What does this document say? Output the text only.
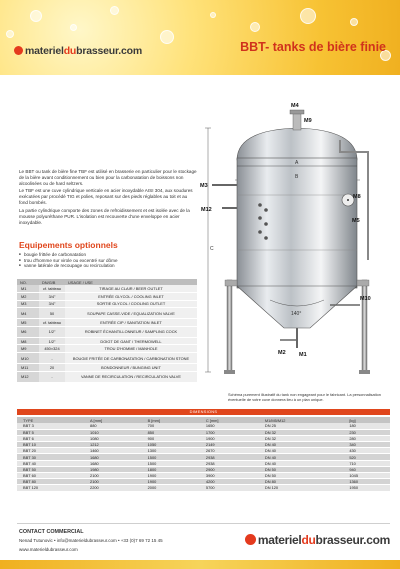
materieldubrasseur.com	BBT- tanks de bière finie

Le BBT ou tank de bière fine TBF est utilisé en brasserie en particulier pour le stockage de la bière avant conditionnement ou bien pour la carbonatation de boissons non alcoolisées ou de hard seltzers.

Le TBF est une cuve cylindrique verticale en acier inoxydable AISI 304, aux soudures exécutées par procédé TIG et polies, reposant sur des pieds réglables au toit et au fond bombés.

La partie cylindrique comporte des zones de refroidissement et est isolée avec de la mousse polyuréthane PUR. L'isolation est recouverte d'une enveloppe en acier inoxydable.

Equipements optionnels
■ bougie frittée de carbonatation
■ trou d'homme sur virole ou excentré sur dôme
■ vanne latérale de recoupage ou recirculation
NO.	DN/G/B	USAGE / USE
M1	cf. tableau	TIRAGE AU CLAIR / BEER OUTLET
M2	3/4"	ENTRÉE GLYCOL / COOLING INLET
M3	3/4"	SORTIE GLYCOL / COOLING OUTLET
M4	50	SOUPAPE CASSE-VIDE / EQUALIZATION VALVE
M5	cf. tableau	ENTRÉE CIP / SANITATION INLET
M6	1/2"	ROBINET ÉCHANTILLONNEUR / SAMPLING COCK
M8	1/2"	DOIGT DE GANT / THERMOWELL
M9	450×324	TROU D'HOMME / MANHOLE
M10	-	BOUGIE FRITÉE DE CARBONATATION / CARBONATION STONE
M11	20	BONDONNEUR / BUNGING UNIT
M12	-	VANNE DE RECIRCULATION / RECIRCULATION VALVE
M4
M9
M3
M12
M8
M5
M10
M2 M1
A
B
C
140°
Schéma purement illustratif du tank non engageant pour le fabricant. La personnalisation éventuelle de votre cuve donnera lieu à un plan unique.
DIMENSIONS
TYPE	A [mm]	B [mm]	C [mm]	M1/M5/M12	[kg]
BBT 3	880	700	1650	DN 25	180
BBT 5	1010	850	1700	DN 32	230
BBT 6	1080	900	1900	DN 32	280
BBT 10	1212	1050	2149	DN 40	340
BBT 20	1460	1300	2670	DN 40	430
BBT 30	1680	1500	2938	DN 40	520
BBT 40	1680	1500	2938	DN 40	710
BBT 50	1980	1800	2900	DN 50	940
BBT 60	2100	1900	3900	DN 50	1045
BBT 80	2100	1900	4200	DN 80	1360
BBT 120	2200	2000	5700	DN 120	1950
CONTACT COMMERCIAL
Nenad Tutunovic • info@materieldubrasseur.com • +33 (0)7 69 72 15 45
www.materieldubrasseur.com
materieldubrasseur.com
